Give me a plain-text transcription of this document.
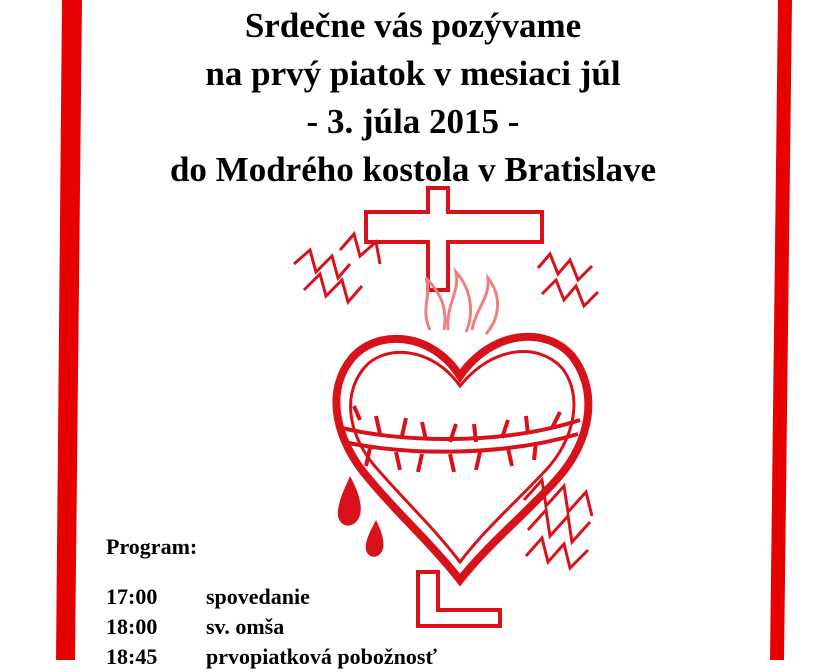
Srdečne vás pozývame
na prvý piatok v mesiaci júl
- 3. júla 2015 -
do Modrého kostola v Bratislave
Program:
17:00	spovedanie
18:00	sv. omša
18:45	prvopiatková pobožnosť
